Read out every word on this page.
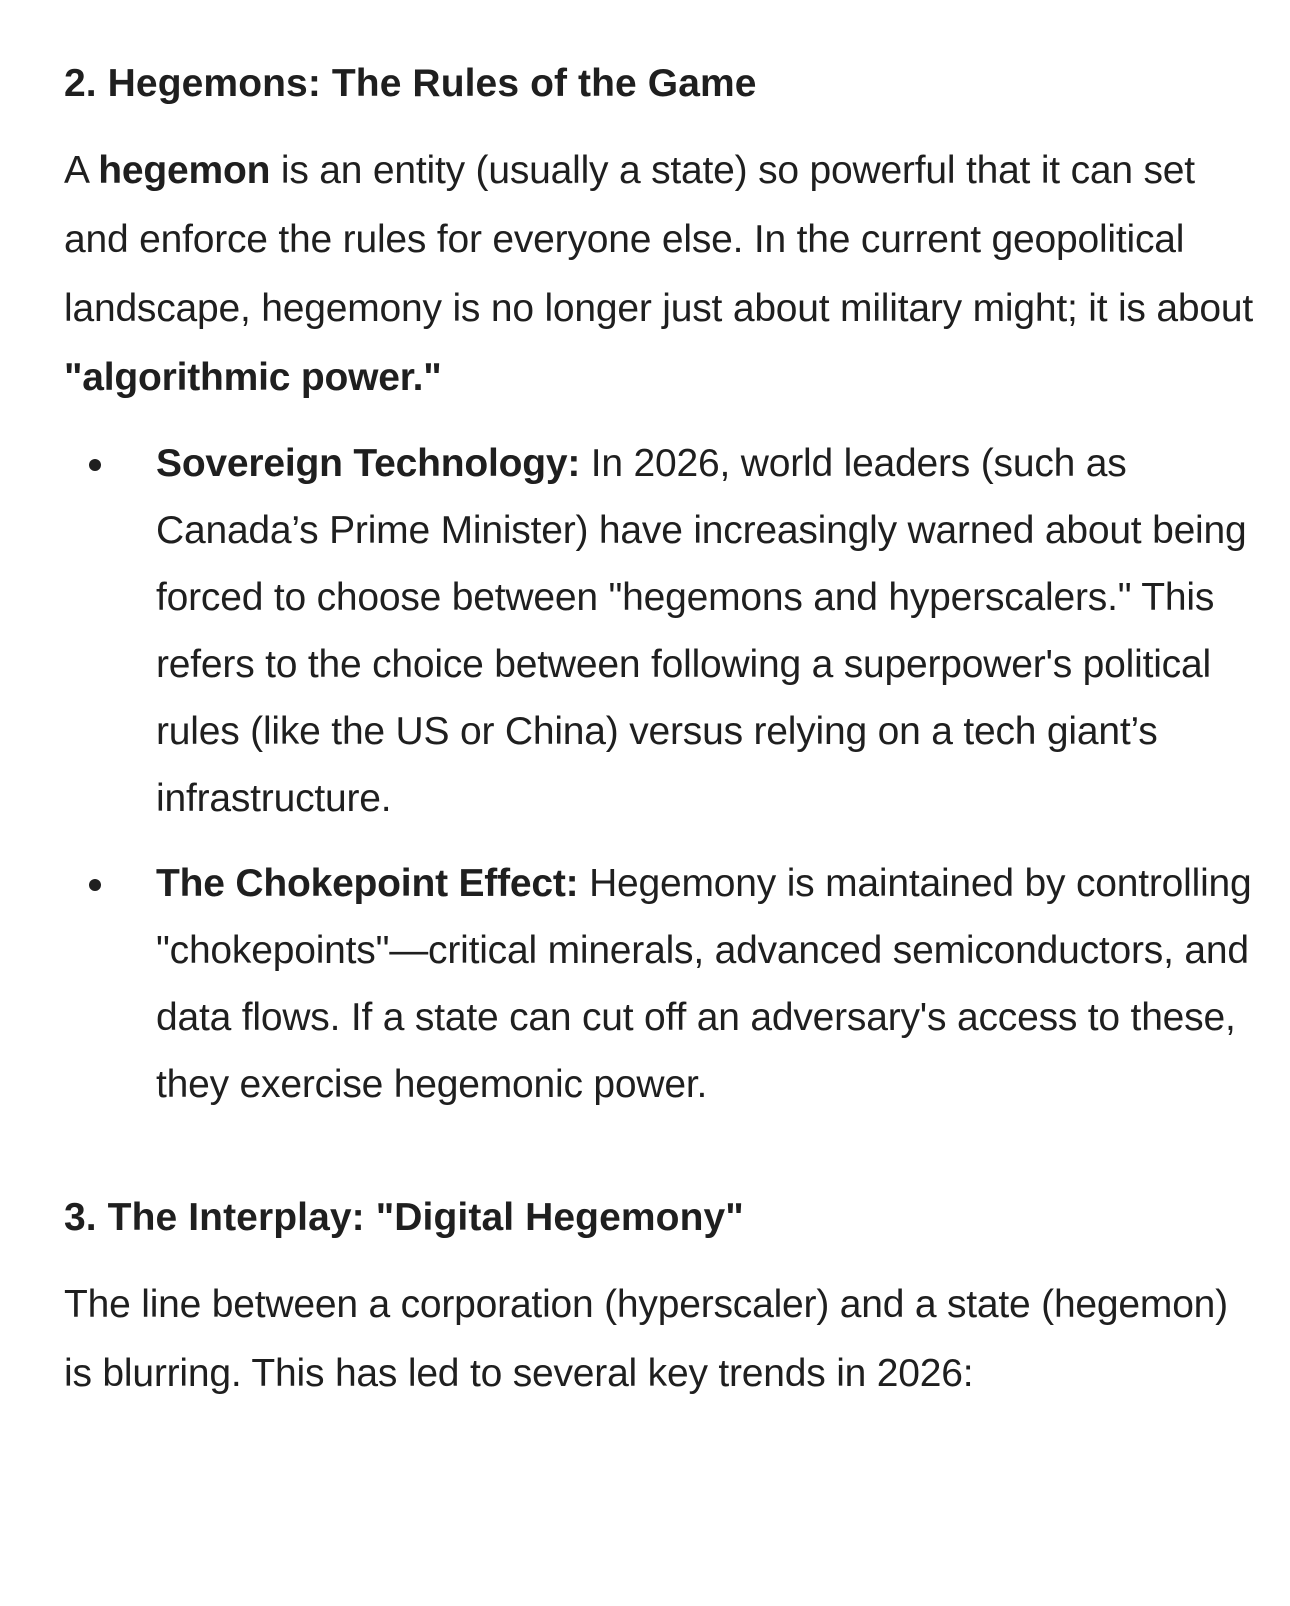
2. Hegemons: The Rules of the Game

A hegemon is an entity (usually a state) so powerful that it can set and enforce the rules for everyone else. In the current geopolitical landscape, hegemony is no longer just about military might; it is about "algorithmic power."

Sovereign Technology: In 2026, world leaders (such as Canada’s Prime Minister) have increasingly warned about being forced to choose between "hegemons and hyperscalers." This refers to the choice between following a superpower's political rules (like the US or China) versus relying on a tech giant’s infrastructure.
The Chokepoint Effect: Hegemony is maintained by controlling "chokepoints"—critical minerals, advanced semiconductors, and data flows. If a state can cut off an adversary's access to these, they exercise hegemonic power.
3. The Interplay: "Digital Hegemony"

The line between a corporation (hyperscaler) and a state (hegemon) is blurring. This has led to several key trends in 2026:
